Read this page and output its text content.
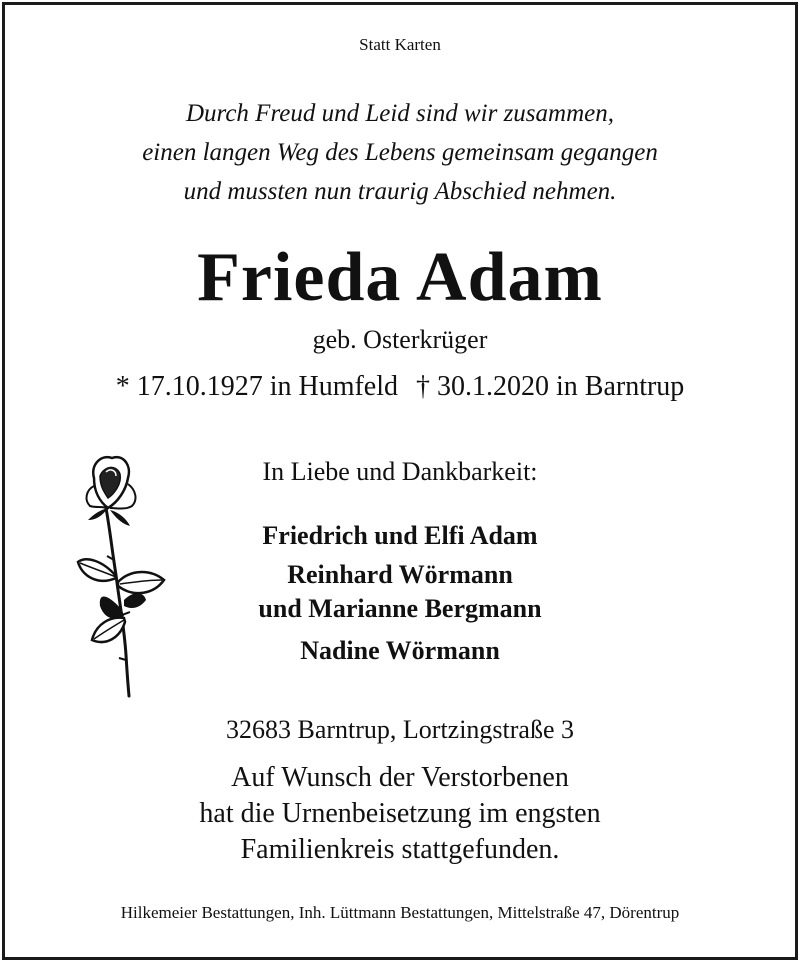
Statt Karten
Durch Freud und Leid sind wir zusammen,
einen langen Weg des Lebens gemeinsam gegangen
und mussten nun traurig Abschied nehmen.
Frieda Adam
geb. Osterkrüger
* 17.10.1927 in Humfeld † 30.1.2020 in Barntrup
In Liebe und Dankbarkeit:
Friedrich und Elfi Adam
Reinhard Wörmann
und Marianne Bergmann
Nadine Wörmann
32683 Barntrup, Lortzingstraße 3
Auf Wunsch der Verstorbenen
hat die Urnenbeisetzung im engsten
Familienkreis stattgefunden.
Hilkemeier Bestattungen, Inh. Lüttmann Bestattungen, Mittelstraße 47, Dörentrup
